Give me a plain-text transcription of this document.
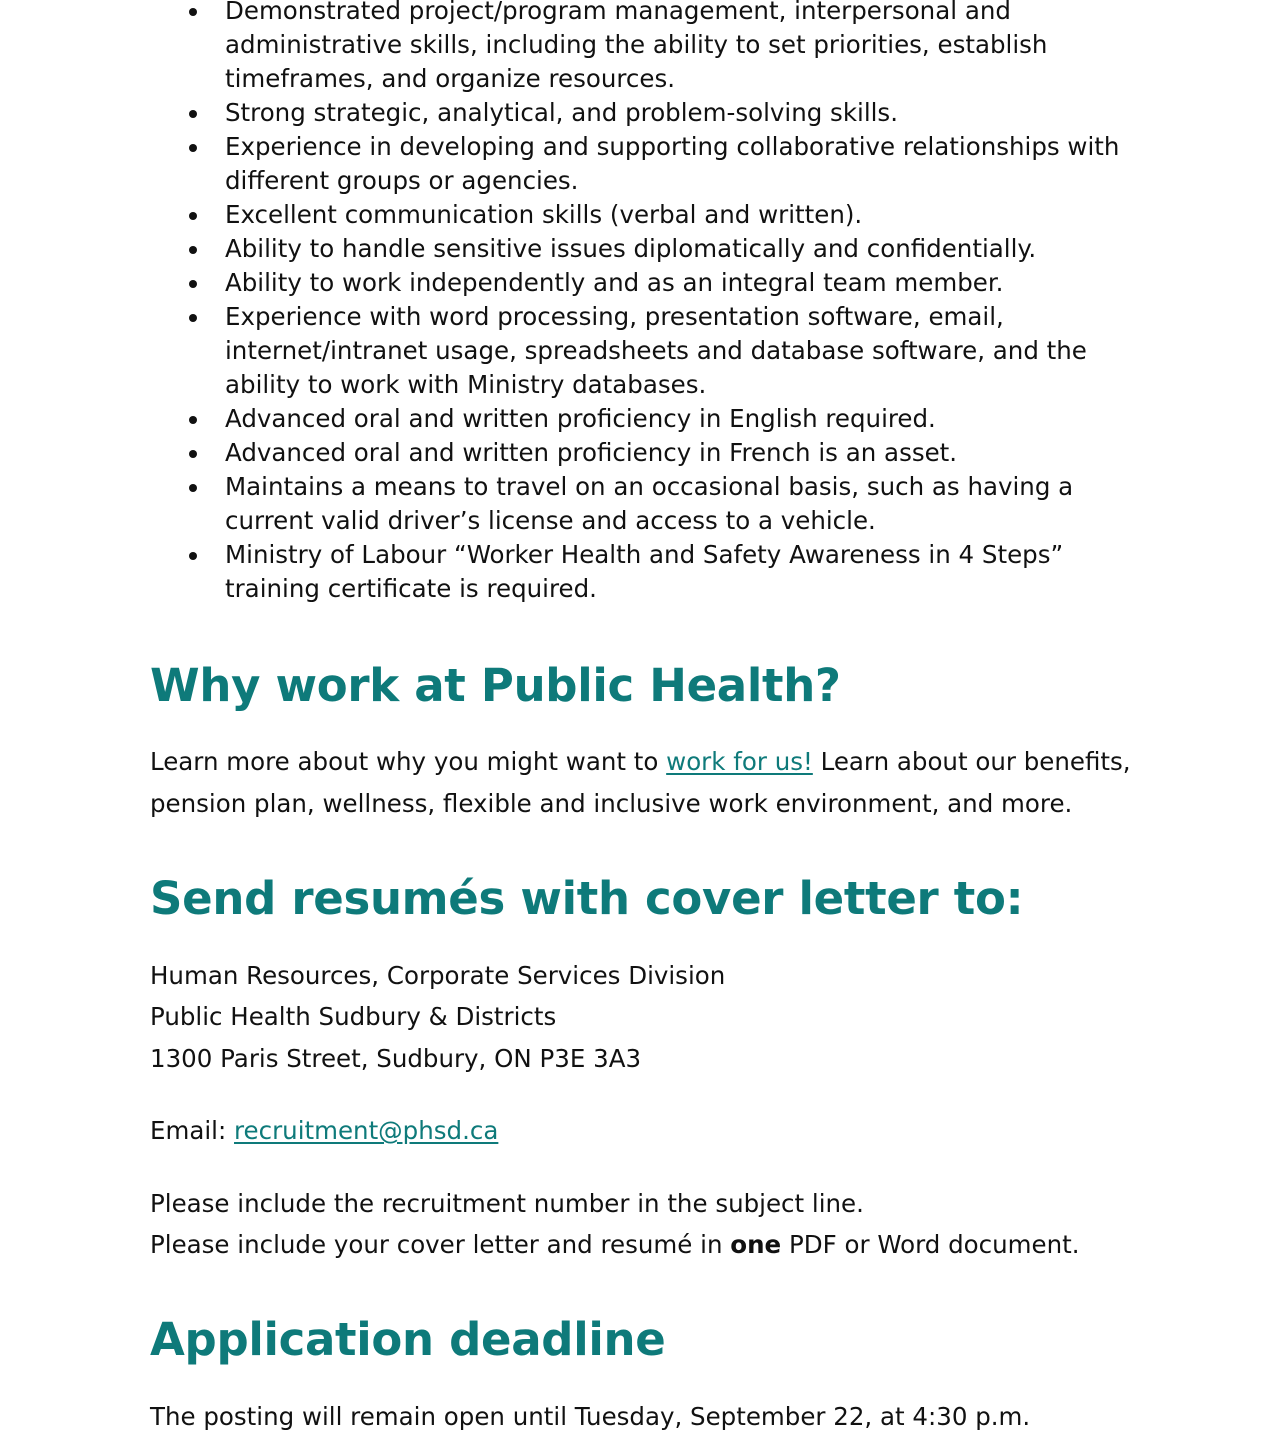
Demonstrated project/program management, interpersonal and administrative skills, including the ability to set priorities, establish timeframes, and organize resources.
Strong strategic, analytical, and problem-solving skills.
Experience in developing and supporting collaborative relationships with different groups or agencies.
Excellent communication skills (verbal and written).
Ability to handle sensitive issues diplomatically and confidentially.
Ability to work independently and as an integral team member.
Experience with word processing, presentation software, email, internet/intranet usage, spreadsheets and database software, and the ability to work with Ministry databases.
Advanced oral and written proficiency in English required.
Advanced oral and written proficiency in French is an asset.
Maintains a means to travel on an occasional basis, such as having a current valid driver’s license and access to a vehicle.
Ministry of Labour “Worker Health and Safety Awareness in 4 Steps” training certificate is required.
Why work at Public Health?

Learn more about why you might want to work for us! Learn about our benefits, pension plan, wellness, flexible and inclusive work environment, and more.

Send resumés with cover letter to:

Human Resources, Corporate Services Division

Public Health Sudbury & Districts

1300 Paris Street, Sudbury, ON P3E 3A3

Email: recruitment@phsd.ca

Please include the recruitment number in the subject line.

Please include your cover letter and resumé in one PDF or Word document.

Application deadline

The posting will remain open until Tuesday, September 22, at 4:30 p.m.
